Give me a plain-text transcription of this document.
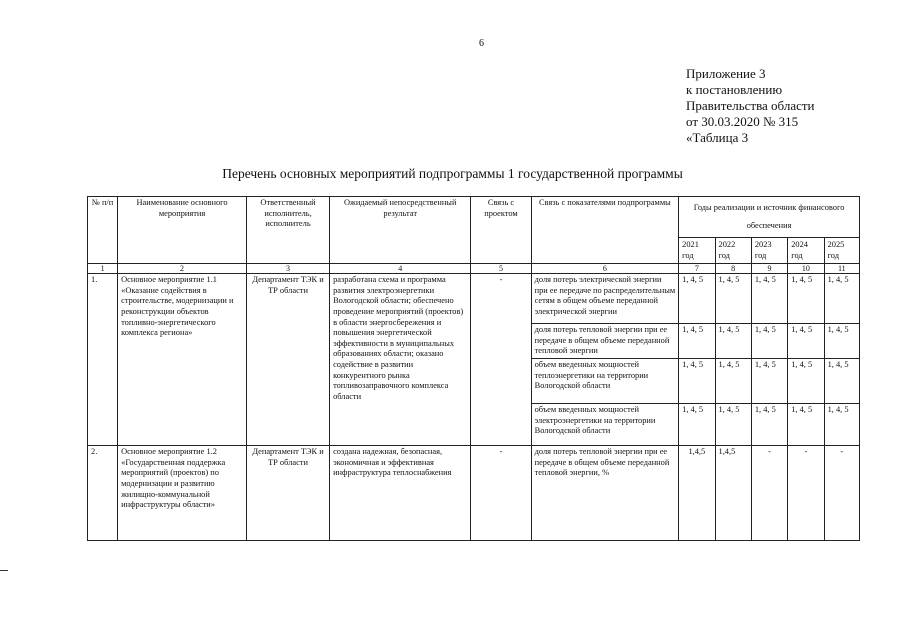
6
Приложение 3
к постановлению
Правительства области
от 30.03.2020 № 315
«Таблица 3
Перечень основных мероприятий подпрограммы 1 государственной программы
№ п/п	Наименование основного мероприятия	Ответственный исполнитель, исполнитель	Ожидаемый непосредственный результат	Связь с проектом	Связь с показателями подпрограммы	Годы реализации и источник финансового обеспечения				
						2021 год	2022 год	2023 год	2024 год	2025 год

1	2	3	4	5	6	7	8	9	10	11
1.	Основное мероприятие 1.1 «Оказание содействия в строительстве, модернизации и реконструкции объектов топливно-энергетического комплекса региона»	Департамент ТЭК и ТР области	разработана схема и программа развития электроэнергетики Вологодской области; обеспечено проведение мероприятий (проектов) в области энергосбережения и повышения энергетической эффективности в муниципальных образованиях области; оказано содействие в развитии конкурентного рынка топливозаправочного комплекса области	-	доля потерь электрической энергии при ее передаче по распределительным сетям в общем объеме переданной электрической энергии	1, 4, 5	1, 4, 5	1, 4, 5	1, 4, 5	1, 4, 5
					доля потерь тепловой энергии при ее передаче в общем объеме переданной тепловой энергии	1, 4, 5	1, 4, 5	1, 4, 5	1, 4, 5	1, 4, 5
					объем введенных мощностей теплоэнергетики на территории Вологодской области	1, 4, 5	1, 4, 5	1, 4, 5	1, 4, 5	1, 4, 5
					объем введенных мощностей электроэнергетики на территории Вологодской области	1, 4, 5	1, 4, 5	1, 4, 5	1, 4, 5	1, 4, 5
2.	Основное мероприятие 1.2 «Государственная поддержка мероприятий (проектов) по модернизации и развитию жилищно-коммунальной инфраструктуры области»	Департамент ТЭК и ТР области	создана надежная, безопасная, экономичная и эффективная инфраструктура теплоснабжения	-	доля потерь тепловой энергии при ее передаче в общем объеме переданной тепловой энергии, %	1,4,5	1,4,5	-	-	-
